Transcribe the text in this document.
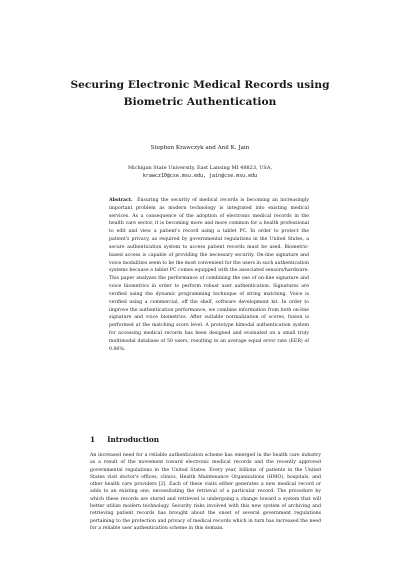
Securing Electronic Medical Records using
Biometric Authentication
Stephen Krawczyk and Anil K. Jain
Michigan State University, East Lansing MI 48823, USA,
krawcz10@cse.msu.edu, jain@cse.msu.edu
Abstract. Ensuring the security of medical records is becoming an increasingly important problem as modern technology is integrated into existing medical services. As a consequence of the adoption of electronic medical records in the health care sector, it is becoming more and more common for a health professional to edit and view a patient's record using a tablet PC. In order to protect the patient's privacy, as required by governmental regulations in the United States, a secure authentication system to access patient records must be used. Biometric-based access is capable of providing the necessary security. On-line signature and voice modalities seem to be the most convenient for the users in such authentication systems because a tablet PC comes equipped with the associated sensors/hardware. This paper analyzes the performance of combining the use of on-line signature and voice biometrics in order to perform robust user authentication. Signatures are verified using the dynamic programming technique of string matching. Voice is verified using a commercial, off the shelf, software development kit. In order to improve the authentication performance, we combine information from both on-line signature and voice biometrics. After suitable normalization of scores, fusion is performed at the matching score level. A prototype bimodal authentication system for accessing medical records has been designed and evaluated on a small truly multimodal database of 50 users, resulting in an average equal error rate (EER) of 0.86%.
1 Introduction
An increased need for a reliable authentication scheme has emerged in the health care industry as a result of the movement toward electronic medical records and the recently approved governmental regulations in the United States. Every year, billions of patients in the United States visit doctor's offices, clinics, Health Maintenance Organizations (HMO), hospitals, and other health care providers [2]. Each of these visits either generates a new medical record or adds to an existing one, necessitating the retrieval of a particular record. The procedure by which these records are stored and retrieved is undergoing a change toward a system that will better utilize modern technology. Security risks involved with this new system of archiving and retrieving patient records has brought about the onset of several government regulations pertaining to the protection and privacy of medical records which in turn has increased the need for a reliable user authentication scheme in this domain.
